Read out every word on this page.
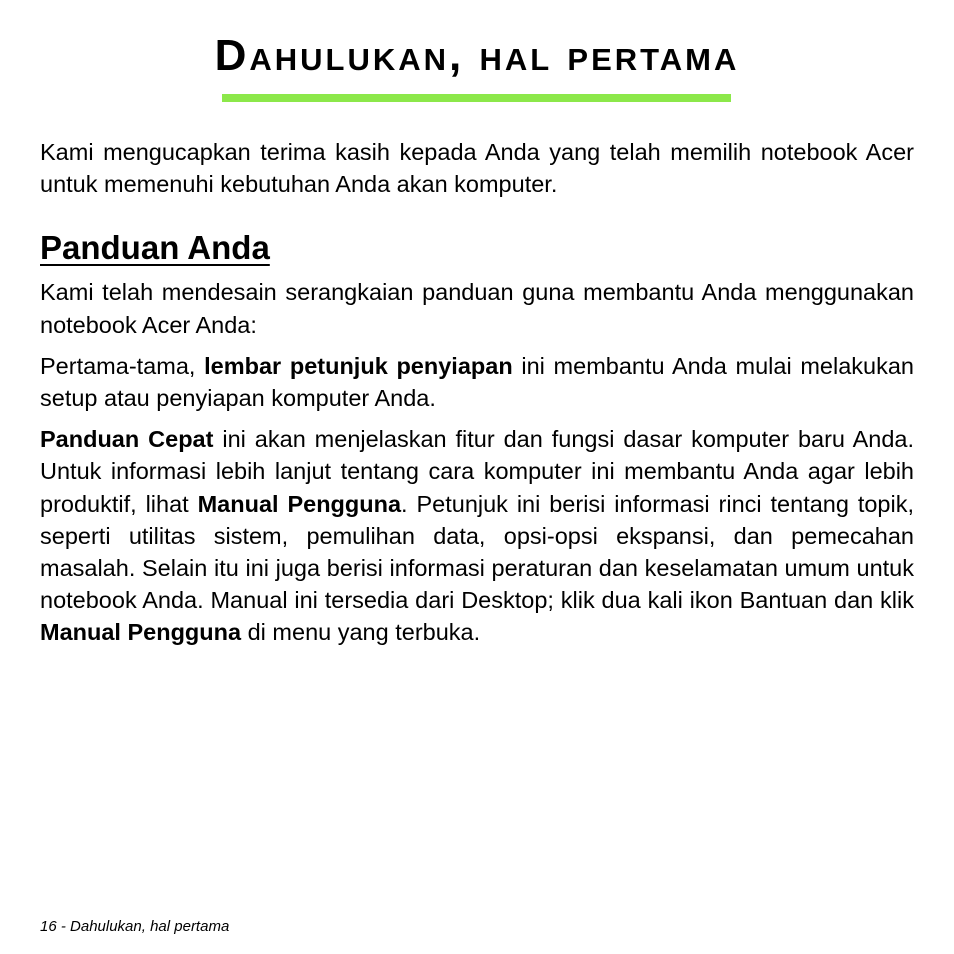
Dahulukan, hal pertama

Kami mengucapkan terima kasih kepada Anda yang telah memilih notebook Acer untuk memenuhi kebutuhan Anda akan komputer.

Panduan Anda

Kami telah mendesain serangkaian panduan guna membantu Anda menggunakan notebook Acer Anda:

Pertama-tama, lembar petunjuk penyiapan ini membantu Anda mulai melakukan setup atau penyiapan komputer Anda.

Panduan Cepat ini akan menjelaskan fitur dan fungsi dasar komputer baru Anda. Untuk informasi lebih lanjut tentang cara komputer ini membantu Anda agar lebih produktif, lihat Manual Pengguna. Petunjuk ini berisi informasi rinci tentang topik, seperti utilitas sistem, pemulihan data, opsi-opsi ekspansi, dan pemecahan masalah. Selain itu ini juga berisi informasi peraturan dan keselamatan umum untuk notebook Anda. Manual ini tersedia dari Desktop; klik dua kali ikon Bantuan dan klik Manual Pengguna di menu yang terbuka.

16 - Dahulukan, hal pertama
